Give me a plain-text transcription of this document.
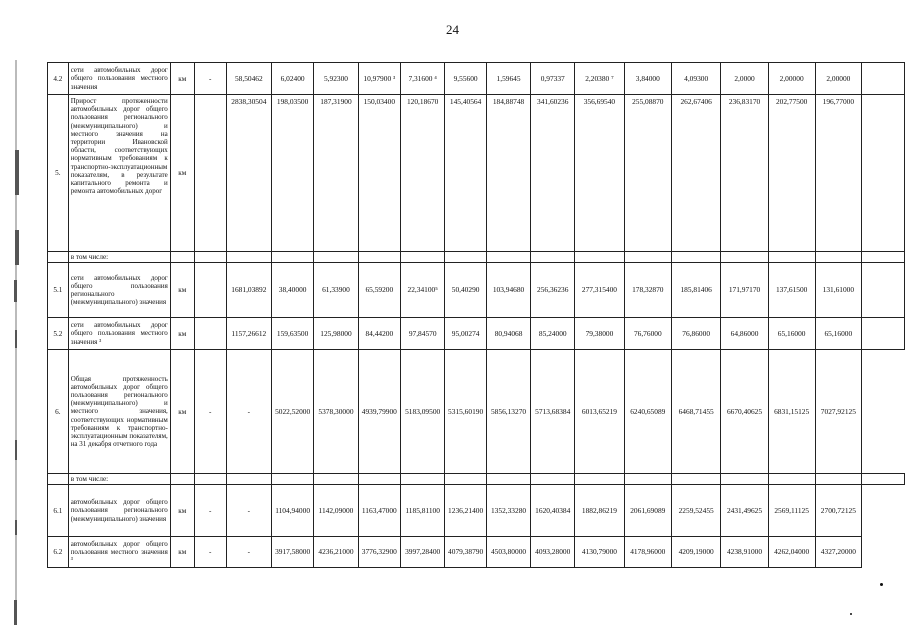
24
4.2	сети автомобильных дорог общего пользования местного значения	км	-	58,50462	6,02400	5,92300	10,97900 ³	7,31600 ⁴	9,55600	1,59645	0,97337	2,20380 ⁷	3,84000	4,09300	2,0000	2,00000	2,00000	
5.	Прирост протяженности автомобильных дорог общего пользования регионального (межмуниципального) и местного значения на территории Ивановской области, соответствующих нормативным требованиям к транспортно-эксплуатационным показателям, в результате капитального ремонта и ремонта автомобильных дорог	км		2838,30504	198,03500	187,31900	150,03400	120,18670	145,40564	184,88748	341,60236	356,69540	255,08870	262,67406	236,83170	202,77500	196,77000	
	в том числе:																	
5.1	сети автомобильных дорог общего пользования регионального (межмуниципального) значения	км		1681,03892	38,40000	61,33900	65,59200	22,34100⁵	50,40290	103,94680	256,36236	277,315400	178,32870	185,81406	171,97170	137,61500	131,61000	
5.2	сети автомобильных дорог общего пользования местного значения ³	км		1157,26612	159,63500	125,98000	84,44200	97,84570	95,00274	80,94068	85,24000	79,38000	76,76000	76,86000	64,86000	65,16000	65,16000	
6.	Общая протяженность автомобильных дорог общего пользования регионального (межмуниципального) и местного значения, соответствующих нормативным требованиям к транспортно-эксплуатационным показателям, на 31 декабря отчетного года	км	-	-	5022,52000	5378,30000	4939,79900	5183,09500	5315,60190	5856,13270	5713,68384	6013,65219	6240,65089	6468,71455	6670,40625	6831,15125	7027,92125	
	в том числе:																	
6.1	автомобильных дорог общего пользования регионального (межмуниципального) значения	км	-	-	1104,94000	1142,09000	1163,47000	1185,81100	1236,21400	1352,33280	1620,40384	1882,86219	2061,69089	2259,52455	2431,49625	2569,11125	2700,72125	
6.2	автомобильных дорог общего пользования местного значения ³	км	-	-	3917,58000	4236,21000	3776,32900	3997,28400	4079,38790	4503,80000	4093,28000	4130,79000	4178,96000	4209,19000	4238,91000	4262,04000	4327,20000	
